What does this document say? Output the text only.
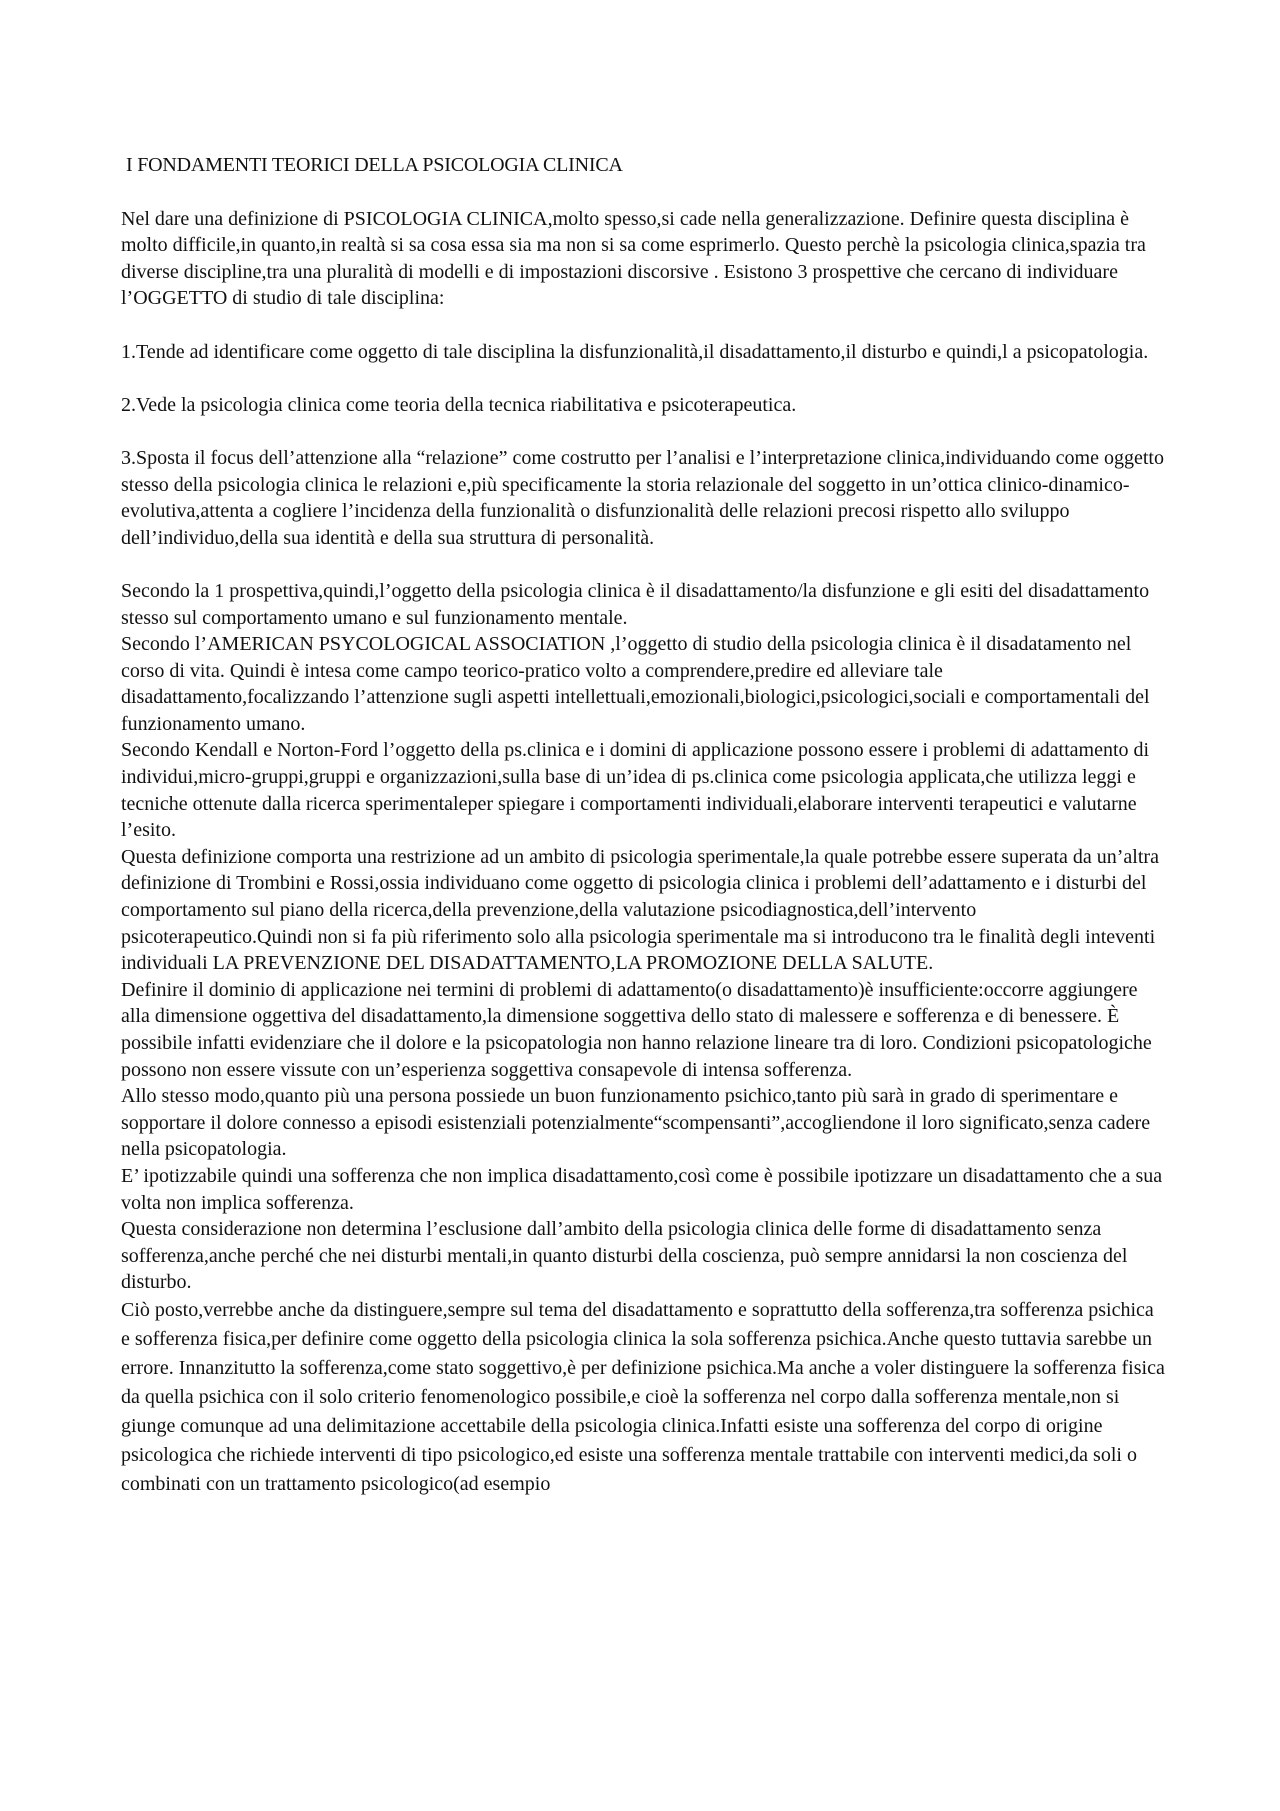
I FONDAMENTI TEORICI DELLA PSICOLOGIA CLINICA

Nel dare una definizione di PSICOLOGIA CLINICA,molto spesso,si cade nella generalizzazione. Definire questa disciplina è molto difficile,in quanto,in realtà si sa cosa essa sia ma non si sa come esprimerlo. Questo perchè la psicologia clinica,spazia tra diverse discipline,tra una pluralità di modelli e di impostazioni discorsive . Esistono 3 prospettive che cercano di individuare l’OGGETTO di studio di tale disciplina:

1.Tende ad identificare come oggetto di tale disciplina la disfunzionalità,il disadattamento,il disturbo e quindi,l a psicopatologia.

2.Vede la psicologia clinica come teoria della tecnica riabilitativa e psicoterapeutica.

3.Sposta il focus dell’attenzione alla “relazione” come costrutto per l’analisi e l’interpretazione clinica,individuando come oggetto stesso della psicologia clinica le relazioni e,più specificamente la storia relazionale del soggetto in un’ottica clinico-dinamico-evolutiva,attenta a cogliere l’incidenza della funzionalità o disfunzionalità delle relazioni precosi rispetto allo sviluppo dell’individuo,della sua identità e della sua struttura di personalità.

Secondo la 1 prospettiva,quindi,l’oggetto della psicologia clinica è il disadattamento/la disfunzione e gli esiti del disadattamento stesso sul comportamento umano e sul funzionamento mentale.

Secondo l’AMERICAN PSYCOLOGICAL ASSOCIATION ,l’oggetto di studio della psicologia clinica è il disadatamento nel corso di vita. Quindi è intesa come campo teorico-pratico volto a comprendere,predire ed alleviare tale disadattamento,focalizzando l’attenzione sugli aspetti intellettuali,emozionali,biologici,psicologici,sociali e comportamentali del funzionamento umano.

Secondo Kendall e Norton-Ford l’oggetto della ps.clinica e i domini di applicazione possono essere i problemi di adattamento di individui,micro-gruppi,gruppi e organizzazioni,sulla base di un’idea di ps.clinica come psicologia applicata,che utilizza leggi e tecniche ottenute dalla ricerca sperimentaleper spiegare i comportamenti individuali,elaborare interventi terapeutici e valutarne l’esito.

Questa definizione comporta una restrizione ad un ambito di psicologia sperimentale,la quale potrebbe essere superata da un’altra definizione di Trombini e Rossi,ossia individuano come oggetto di psicologia clinica i problemi dell’adattamento e i disturbi del comportamento sul piano della ricerca,della prevenzione,della valutazione psicodiagnostica,dell’intervento psicoterapeutico.Quindi non si fa più riferimento solo alla psicologia sperimentale ma si introducono tra le finalità degli inteventi individuali LA PREVENZIONE DEL DISADATTAMENTO,LA PROMOZIONE DELLA SALUTE.

Definire il dominio di applicazione nei termini di problemi di adattamento(o disadattamento)è insufficiente:occorre aggiungere alla dimensione oggettiva del disadattamento,la dimensione soggettiva dello stato di malessere e sofferenza e di benessere. È possibile infatti evidenziare che il dolore e la psicopatologia non hanno relazione lineare tra di loro. Condizioni psicopatologiche possono non essere vissute con un’esperienza soggettiva consapevole di intensa sofferenza.

Allo stesso modo,quanto più una persona possiede un buon funzionamento psichico,tanto più sarà in grado di sperimentare e sopportare il dolore connesso a episodi esistenziali potenzialmente“scompensanti”,accogliendone il loro significato,senza cadere nella psicopatologia.

E’ ipotizzabile quindi una sofferenza che non implica disadattamento,così come è possibile ipotizzare un disadattamento che a sua volta non implica sofferenza.

Questa considerazione non determina l’esclusione dall’ambito della psicologia clinica delle forme di disadattamento senza sofferenza,anche perché che nei disturbi mentali,in quanto disturbi della coscienza, può sempre annidarsi la non coscienza del disturbo.

Ciò posto,verrebbe anche da distinguere,sempre sul tema del disadattamento e soprattutto della sofferenza,tra sofferenza psichica e sofferenza fisica,per definire come oggetto della psicologia clinica la sola sofferenza psichica.Anche questo tuttavia sarebbe un errore. Innanzitutto la sofferenza,come stato soggettivo,è per definizione psichica.Ma anche a voler distinguere la sofferenza fisica da quella psichica con il solo criterio fenomenologico possibile,e cioè la sofferenza nel corpo dalla sofferenza mentale,non si giunge comunque ad una delimitazione accettabile della psicologia clinica.Infatti esiste una sofferenza del corpo di origine psicologica che richiede interventi di tipo psicologico,ed esiste una sofferenza mentale trattabile con interventi medici,da soli o combinati con un trattamento psicologico(ad esempio
